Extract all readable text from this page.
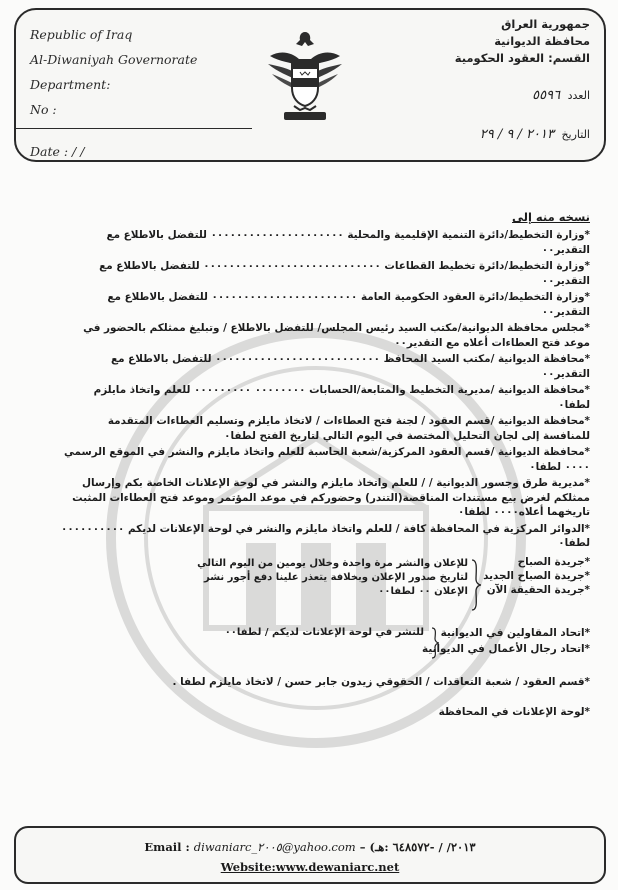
Republic of Iraq
Al-Diwaniyah Governorate
Department:
No :
Date : / /
جمهورية العراق
محافظة الديوانية
القسم: العقود الحكومية
العدد ٥٥٩٦
التاريخ ٢٠١٣ / ٩ / ٢٩
نسخه منه إلى
*وزارة التخطيط/دائرة التنمية الإقليمية والمحلية ٠٠٠٠٠٠٠٠٠٠٠٠٠٠٠٠٠٠٠٠٠ للتفضل بالاطلاع مع التقدير٠٠
*وزارة التخطيط/دائرة تخطيط القطاعات ٠٠٠٠٠٠٠٠٠٠٠٠٠٠٠٠٠٠٠٠٠٠٠٠٠٠٠٠ للتفضل بالاطلاع مع التقدير٠٠
*وزارة التخطيط/دائرة العقود الحكومية العامة ٠٠٠٠٠٠٠٠٠٠٠٠٠٠٠٠٠٠٠٠٠٠٠ للتفضل بالاطلاع مع التقدير٠٠
*مجلس محافظة الديوانية/مكتب السيد رئيس المجلس/ للتفضل بالاطلاع / وتبليغ ممثلكم بالحضور في موعد فتح العطاءات أعلاه مع التقدير٠٠
*محافظة الديوانية /مكتب السيد المحافظ ٠٠٠٠٠٠٠٠٠٠٠٠٠٠٠٠٠٠٠٠٠٠٠٠٠٠ للتفضل بالاطلاع مع التقدير٠٠
*محافظة الديوانية /مديرية التخطيط والمتابعة/الحسابات ٠٠٠٠٠٠٠٠ ٠٠٠٠٠٠٠٠٠ للعلم واتخاذ مايلزم لطفا٠
*محافظة الديوانية /قسم العقود / لجنة فتح العطاءات / لاتخاذ مايلزم وتسليم العطاءات المتقدمة للمنافسة إلى لجان التحليل المختصة في اليوم التالي لتاريخ الفتح لطفا٠
*محافظة الديوانية /قسم العقود المركزية/شعبة الحاسبة للعلم واتخاذ مايلزم والنشر في الموقع الرسمي ٠٠٠٠ لطفا٠
*مديرية طرق وجسور الديوانية / / للعلم واتخاذ مايلزم والنشر في لوحة الإعلانات الخاصة بكم وإرسال ممثلكم لغرض بيع مستندات المناقصة(التندر) وحضوركم في موعد المؤتمر وموعد فتح العطاءات المثبت تاريخهما أعلاه٠٠٠٠ لطفا٠
*الدوائر المركزية في المحافظة كافة / للعلم واتخاذ مايلزم والنشر في لوحة الإعلانات لديكم ٠٠٠٠٠٠٠٠٠٠ لطفا٠
*جريدة الصباح
*جريدة الصباح الجديد
*جريدة الحقيقة الآن
للإعلان والنشر مرة واحدة وخلال يومين من اليوم التالي لتاريخ صدور الإعلان وبخلافة يتعذر علينا دفع أجور نشر الإعلان ٠٠ لطفا٠٠
*اتحاد المقاولين في الديوانية
*اتحاد رجال الأعمال في الديوانية
للنشر في لوحة الإعلانات لديكم / لطفا٠٠
*قسم العقود / شعبة التعاقدات / الحقوقي زيدون جابر حسن / لاتخاذ مايلزم لطفا .
*لوحة الإعلانات في المحافظة
Email : diwaniarc_٢٠٠٥@yahoo.com – (٢٠١٣/ / -٦٤٨٥٧٢ :هـ
Website:www.dewaniarc.net
